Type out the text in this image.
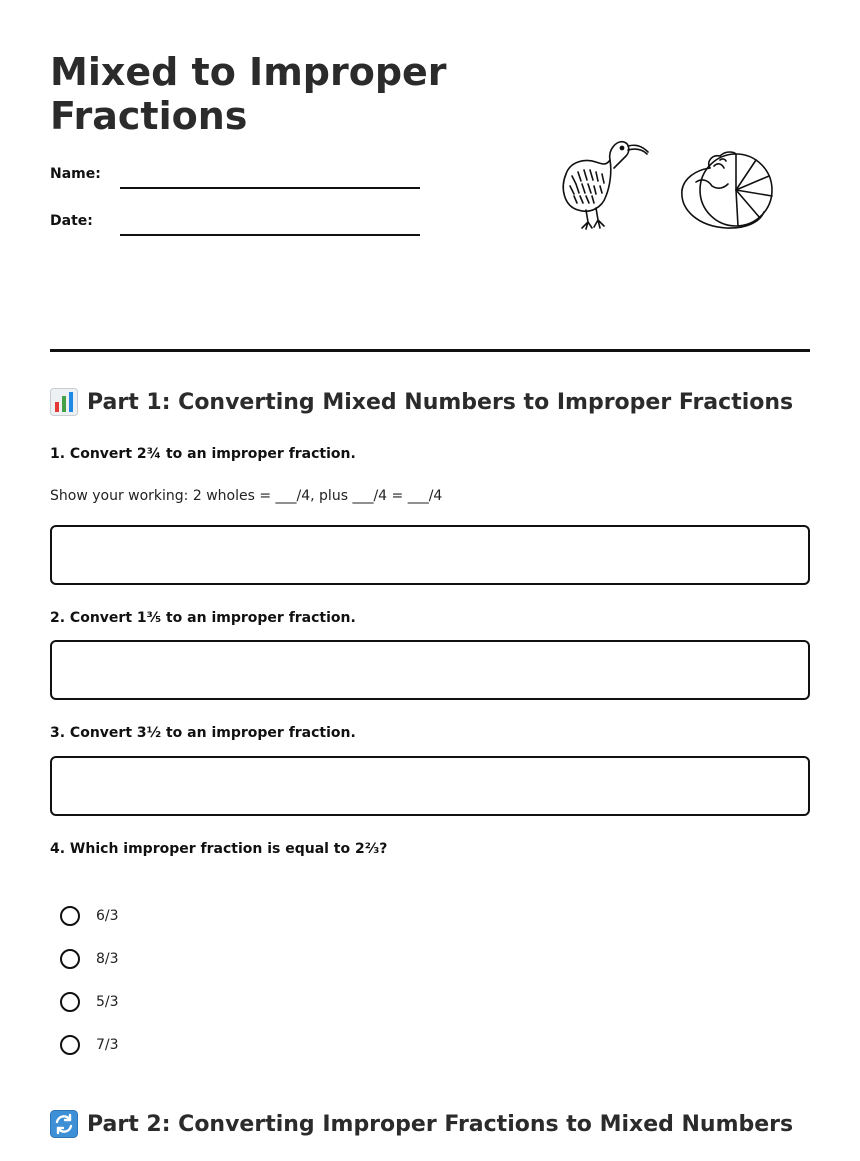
Mixed to Improper Fractions
Name:
Date:
Part 1: Converting Mixed Numbers to Improper Fractions
1. Convert 2¾ to an improper fraction.
Show your working: 2 wholes = ___/4, plus ___/4 = ___/4
2. Convert 1⅗ to an improper fraction.
3. Convert 3½ to an improper fraction.
4. Which improper fraction is equal to 2⅔?
6/3
8/3
5/3
7/3
Part 2: Converting Improper Fractions to Mixed Numbers
